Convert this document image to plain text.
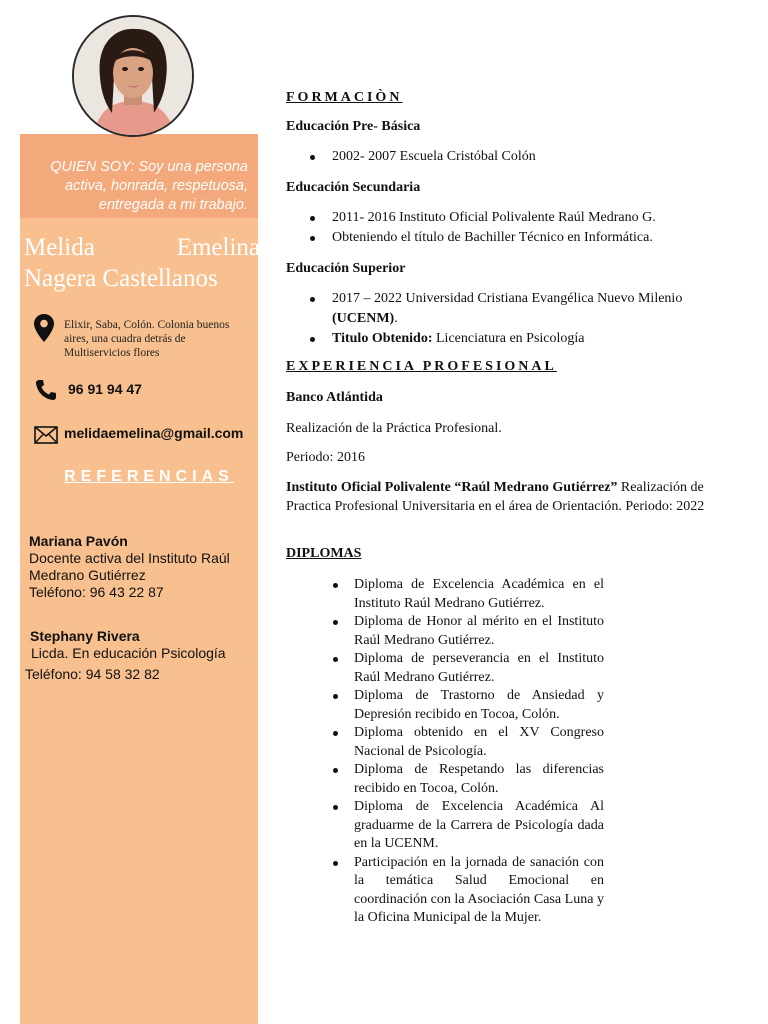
QUIEN SOY: Soy una persona activa, honrada, respetuosa, entregada a mi trabajo.
Melida Emelina Nagera Castellanos
Elixir, Saba, Colón. Colonia buenos aires, una cuadra detrás de Multiservicios flores
96 91 94 47
melidaemelina@gmail.com
REFERENCIAS
Mariana Pavón
Docente activa del Instituto Raúl Medrano Gutiérrez
Teléfono: 96 43 22 87
Stephany Rivera
Licda. En educación Psicología
Teléfono: 94 58 32 82
FORMACIÒN
Educación Pre- Básica
2002- 2007 Escuela Cristóbal Colón
Educación Secundaria
2011- 2016 Instituto Oficial Polivalente Raúl Medrano G.
Obteniendo el título de Bachiller Técnico en Informática.
Educación Superior
2017 – 2022 Universidad Cristiana Evangélica Nuevo Milenio
(UCENM).
Titulo Obtenido: Licenciatura en Psicología
EXPERIENCIA PROFESIONAL
Banco Atlántida
Realización de la Práctica Profesional.
Periodo: 2016
Instituto Oficial Polivalente “Raúl Medrano Gutiérrez” Realización de Practica Profesional Universitaria en el área de Orientación. Periodo: 2022
DIPLOMAS
Diploma de Excelencia Académica en el Instituto Raúl Medrano Gutiérrez.
Diploma de Honor al mérito en el Instituto Raúl Medrano Gutiérrez.
Diploma de perseverancia en el Instituto Raúl Medrano Gutiérrez.
Diploma de Trastorno de Ansiedad y Depresión recibido en Tocoa, Colón.
Diploma obtenido en el XV Congreso Nacional de Psicología.
Diploma de Respetando las diferencias recibido en Tocoa, Colón.
Diploma de Excelencia Académica Al graduarme de la Carrera de Psicología dada en la UCENM.
Participación en la jornada de sanación con la temática Salud Emocional en coordinación con la Asociación Casa Luna y la Oficina Municipal de la Mujer.
